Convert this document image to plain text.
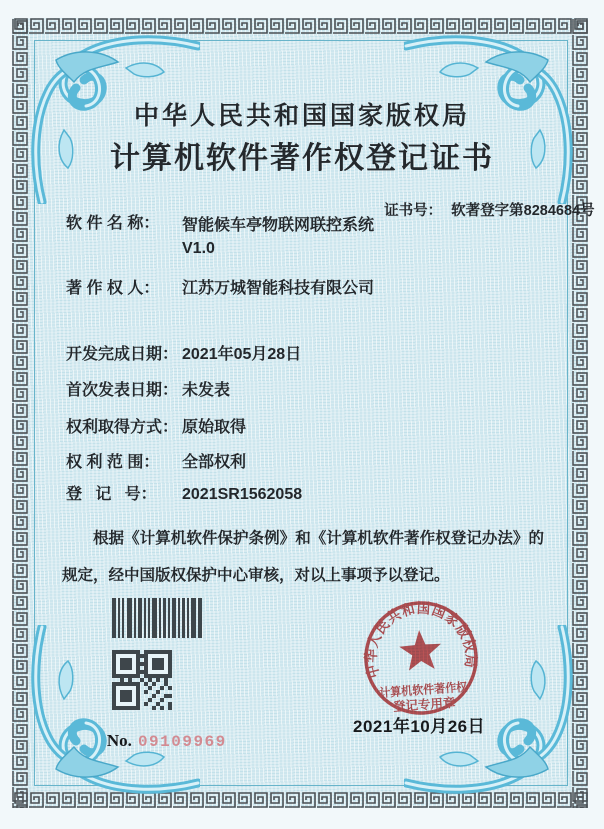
中华人民共和国国家版权局
计算机软件著作权登记证书

证书号： 软著登字第8284684号

软 件 名 称：	智能候车亭物联网联控系统
V1.0
著 作 权 人：	江苏万城智能科技有限公司
开发完成日期： 2021年05月28日
首次发表日期： 未发表
权利取得方式： 原始取得
权 利 范 围：	全部权利
登   记   号：	2021SR1562058
根据《计算机软件保护条例》和《计算机软件著作权登记办法》的规定，经中国版权保护中心审核，对以上事项予以登记。

No. 09109969

中华人民共和国国家版权局
计算机软件著作权
登记专用章
2021年10月26日
